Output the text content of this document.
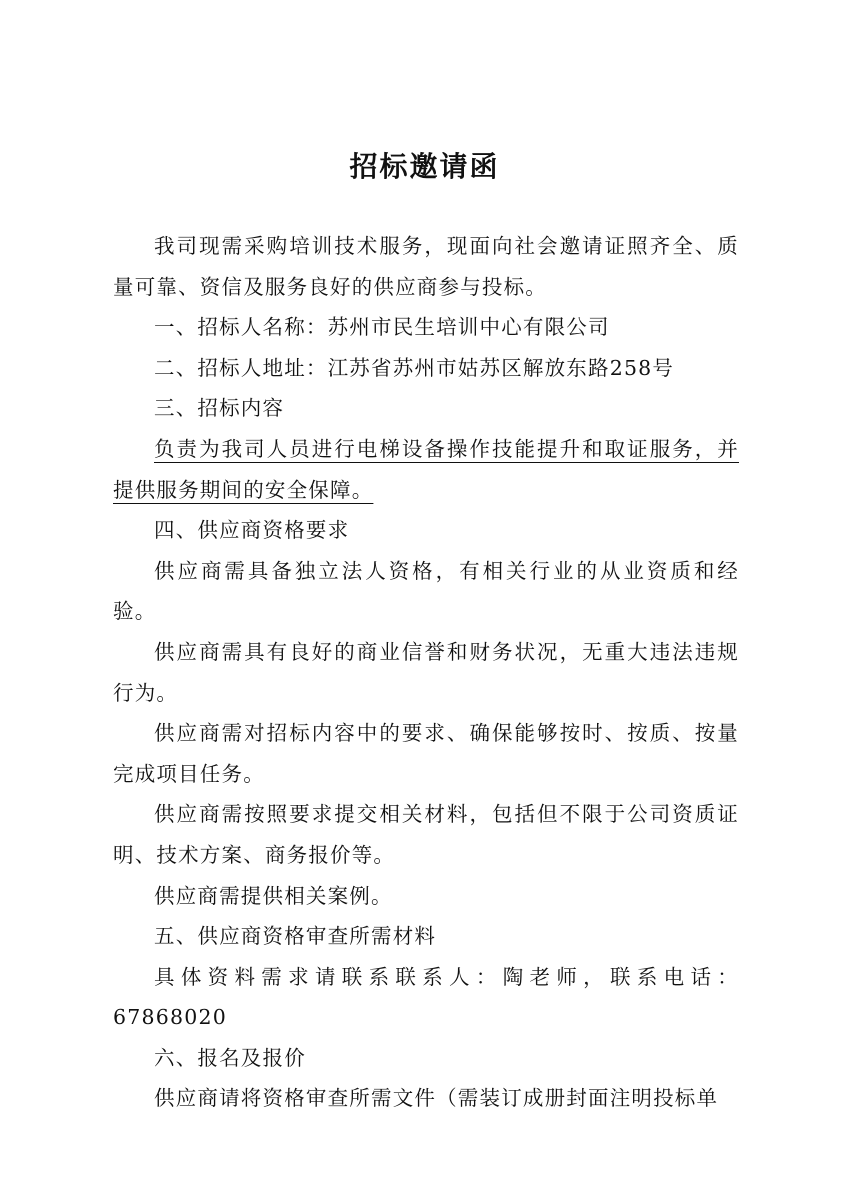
招标邀请函

我司现需采购培训技术服务，现面向社会邀请证照齐全、质量可靠、资信及服务良好的供应商参与投标。

一、招标人名称：苏州市民生培训中心有限公司

二、招标人地址：江苏省苏州市姑苏区解放东路258号

三、招标内容

负责为我司人员进行电梯设备操作技能提升和取证服务，并提供服务期间的安全保障。

四、供应商资格要求

供应商需具备独立法人资格，有相关行业的从业资质和经验。

供应商需具有良好的商业信誉和财务状况，无重大违法违规行为。

供应商需对招标内容中的要求、确保能够按时、按质、按量完成项目任务。

供应商需按照要求提交相关材料，包括但不限于公司资质证明、技术方案、商务报价等。

供应商需提供相关案例。

五、供应商资格审查所需材料

具体资料需求请联系联系人：陶老师，联系电话：67868020

六、报名及报价

供应商请将资格审查所需文件（需装订成册封面注明投标单
